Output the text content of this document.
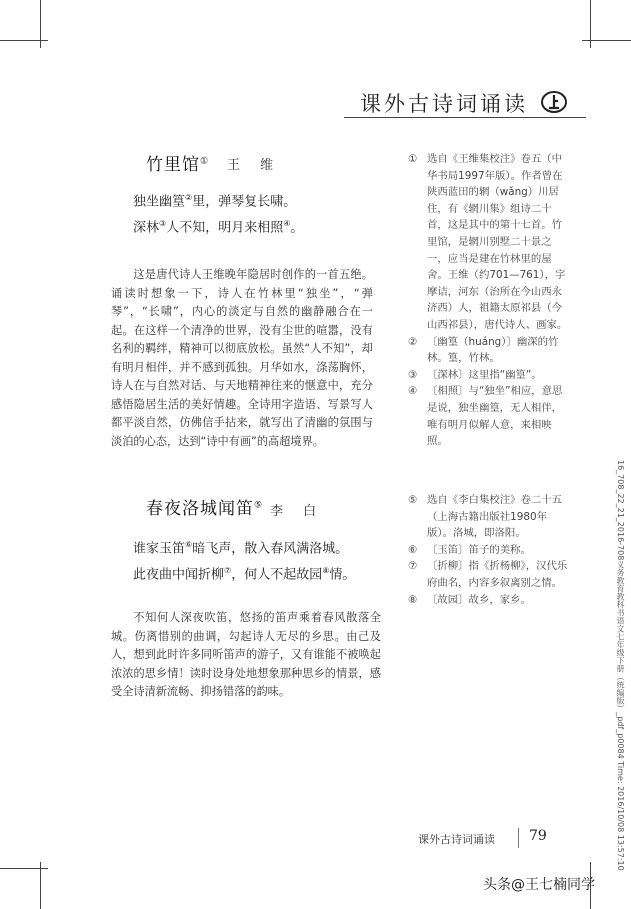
课外古诗词诵读
竹里馆① 王 维
独坐幽篁②里，弹琴复长啸。
深林③人不知，明月来相照④。

这是唐代诗人王维晚年隐居时创作的一首五绝。诵读时想象一下，诗人在竹林里“独坐”，“弹琴”，“长啸”，内心的淡定与自然的幽静融合在一起。在这样一个清净的世界，没有尘世的喧嚣，没有名利的羁绊，精神可以彻底放松。虽然“人不知”，却有明月相伴，并不感到孤独。月华如水，涤荡胸怀，诗人在与自然对话、与天地精神往来的惬意中，充分感悟隐居生活的美好情趣。全诗用字造语、写景写人都平淡自然，仿佛信手拈来，就写出了清幽的氛围与淡泊的心态，达到“诗中有画”的高超境界。

① 选自《王维集校注》卷五（中华书局1997年版）。作者曾在陕西蓝田的辋（wǎng）川居住，有《辋川集》组诗二十首，这是其中的第十七首。竹里馆，是辋川别墅二十景之一，应当是建在竹林里的屋舍。王维（约701—761），字摩诘，河东（治所在今山西永济西）人，祖籍太原祁县（今山西祁县），唐代诗人、画家。
② 〔幽篁（huáng）〕幽深的竹林。篁，竹林。
③ 〔深林〕这里指“幽篁”。
④ 〔相照〕与“独坐”相应，意思是说，独坐幽篁，无人相伴，唯有明月似解人意，来相映照。
春夜洛城闻笛⑤ 李 白
谁家玉笛⑥暗飞声，散入春风满洛城。
此夜曲中闻折柳⑦，何人不起故园⑧情。

不知何人深夜吹笛，悠扬的笛声乘着春风散落全城。伤离惜别的曲调，勾起诗人无尽的乡思。由己及人，想到此时许多同听笛声的游子，又有谁能不被唤起浓浓的思乡情！读时设身处地想象那种思乡的情景，感受全诗清新流畅、抑扬错落的韵味。

⑤ 选自《李白集校注》卷二十五（上海古籍出版社1980年版）。洛城，即洛阳。
⑥ 〔玉笛〕笛子的美称。
⑦ 〔折柳〕指《折杨柳》，汉代乐府曲名，内容多叙离别之情。
⑧ 〔故园〕故乡，家乡。	16_708_22_21_2016-708义务教育教科书语文七年级下册（统编版）_pdf_p0084 Time: 2016/10/08 13:57:10
课外古诗词诵读 79
头条@王七楠同学
